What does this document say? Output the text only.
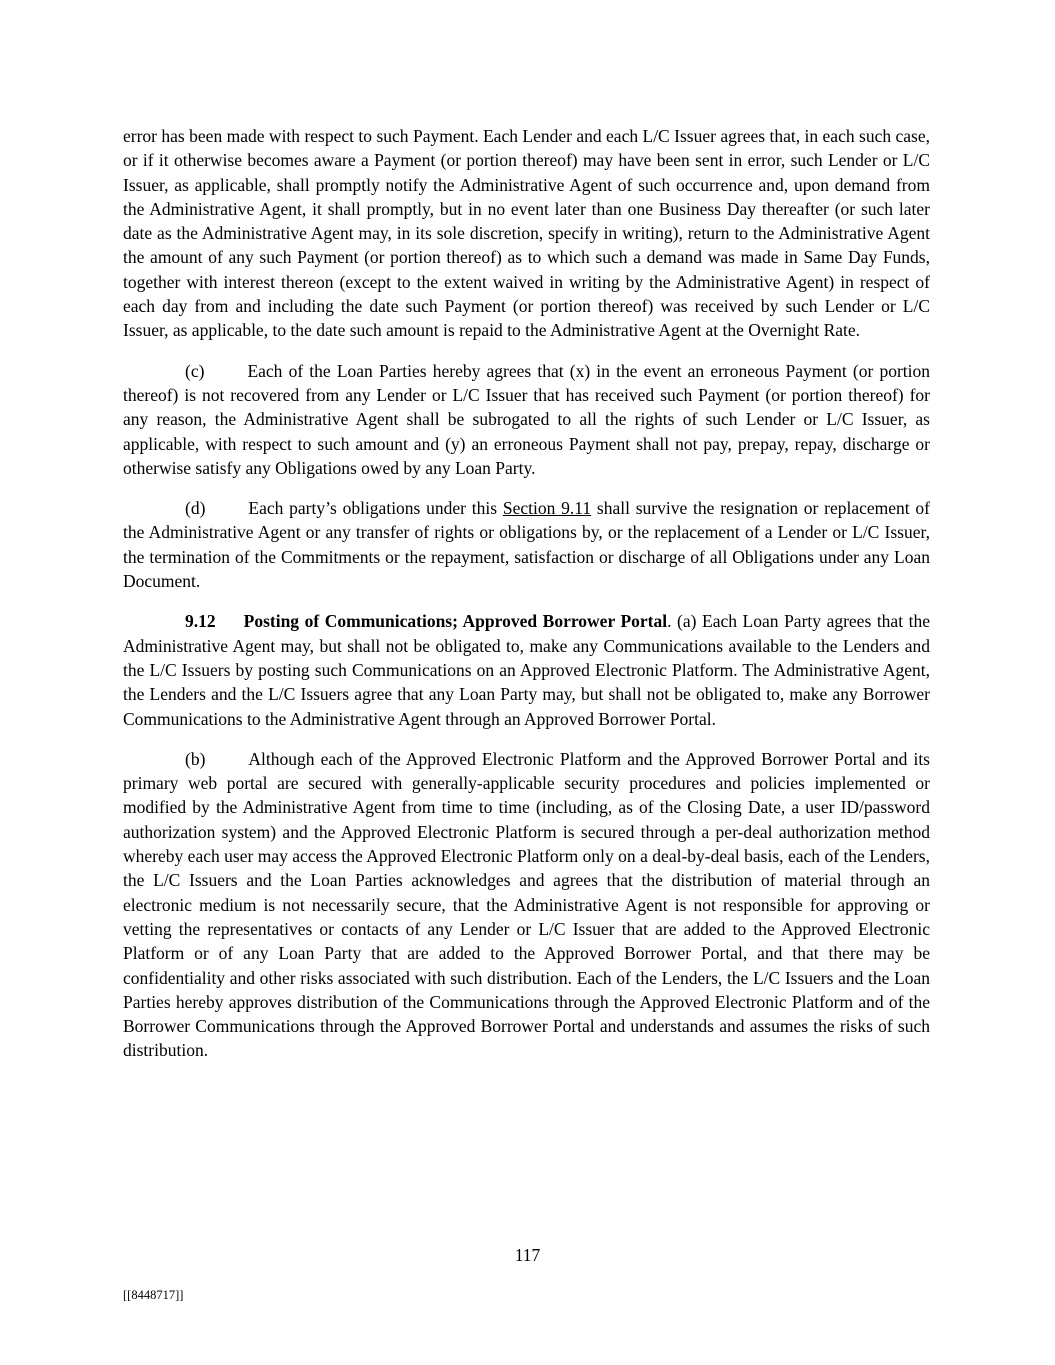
error has been made with respect to such Payment. Each Lender and each L/C Issuer agrees that, in each such case, or if it otherwise becomes aware a Payment (or portion thereof) may have been sent in error, such Lender or L/C Issuer, as applicable, shall promptly notify the Administrative Agent of such occurrence and, upon demand from the Administrative Agent, it shall promptly, but in no event later than one Business Day thereafter (or such later date as the Administrative Agent may, in its sole discretion, specify in writing), return to the Administrative Agent the amount of any such Payment (or portion thereof) as to which such a demand was made in Same Day Funds, together with interest thereon (except to the extent waived in writing by the Administrative Agent) in respect of each day from and including the date such Payment (or portion thereof) was received by such Lender or L/C Issuer, as applicable, to the date such amount is repaid to the Administrative Agent at the Overnight Rate.

(c) Each of the Loan Parties hereby agrees that (x) in the event an erroneous Payment (or portion thereof) is not recovered from any Lender or L/C Issuer that has received such Payment (or portion thereof) for any reason, the Administrative Agent shall be subrogated to all the rights of such Lender or L/C Issuer, as applicable, with respect to such amount and (y) an erroneous Payment shall not pay, prepay, repay, discharge or otherwise satisfy any Obligations owed by any Loan Party.

(d) Each party’s obligations under this Section 9.11 shall survive the resignation or replacement of the Administrative Agent or any transfer of rights or obligations by, or the replacement of a Lender or L/C Issuer, the termination of the Commitments or the repayment, satisfaction or discharge of all Obligations under any Loan Document.

9.12 Posting of Communications; Approved Borrower Portal. (a) Each Loan Party agrees that the Administrative Agent may, but shall not be obligated to, make any Communications available to the Lenders and the L/C Issuers by posting such Communications on an Approved Electronic Platform. The Administrative Agent, the Lenders and the L/C Issuers agree that any Loan Party may, but shall not be obligated to, make any Borrower Communications to the Administrative Agent through an Approved Borrower Portal.

(b) Although each of the Approved Electronic Platform and the Approved Borrower Portal and its primary web portal are secured with generally-applicable security procedures and policies implemented or modified by the Administrative Agent from time to time (including, as of the Closing Date, a user ID/password authorization system) and the Approved Electronic Platform is secured through a per-deal authorization method whereby each user may access the Approved Electronic Platform only on a deal-by-deal basis, each of the Lenders, the L/C Issuers and the Loan Parties acknowledges and agrees that the distribution of material through an electronic medium is not necessarily secure, that the Administrative Agent is not responsible for approving or vetting the representatives or contacts of any Lender or L/C Issuer that are added to the Approved Electronic Platform or of any Loan Party that are added to the Approved Borrower Portal, and that there may be confidentiality and other risks associated with such distribution. Each of the Lenders, the L/C Issuers and the Loan Parties hereby approves distribution of the Communications through the Approved Electronic Platform and of the Borrower Communications through the Approved Borrower Portal and understands and assumes the risks of such distribution.

117
[[8448717]]
